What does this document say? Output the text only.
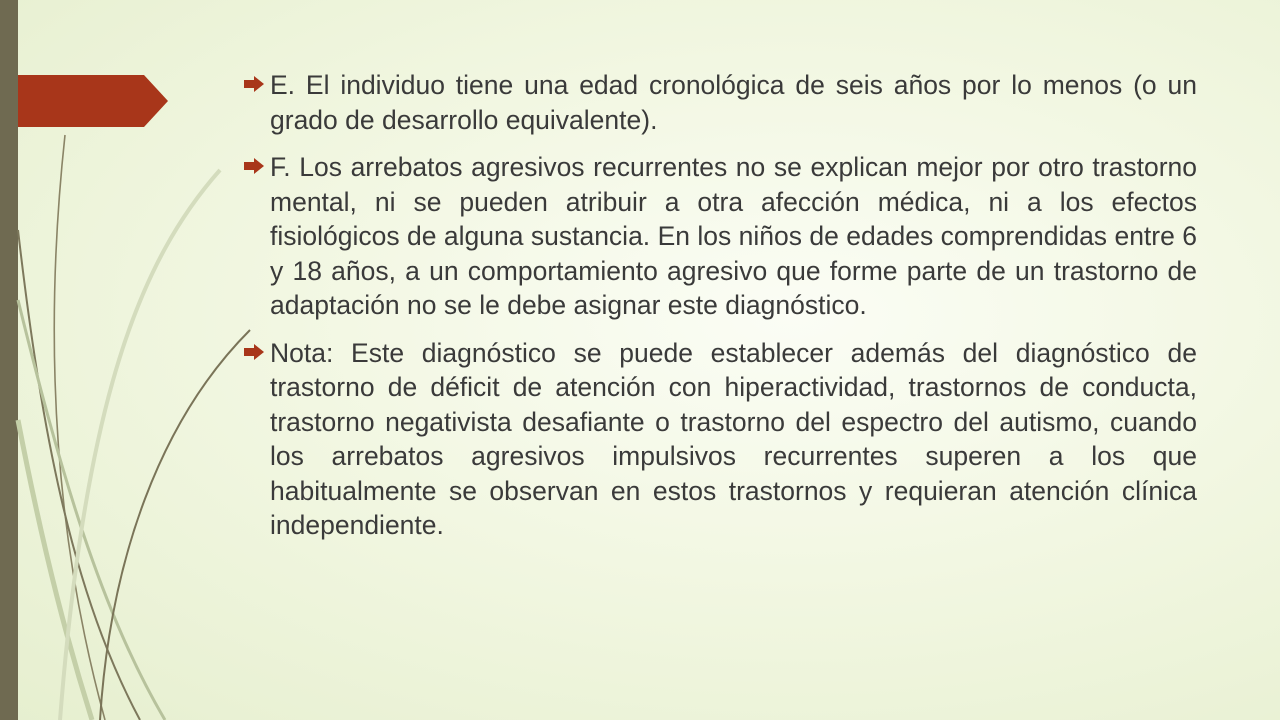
E. El individuo tiene una edad cronológica de seis años por lo menos (o un grado de desarrollo equivalente).
F. Los arrebatos agresivos recurrentes no se explican mejor por otro trastorno mental, ni se pueden atribuir a otra afección médica, ni a los efectos fisiológicos de alguna sustancia. En los niños de edades comprendidas entre 6 y 18 años, a un comportamiento agresivo que forme parte de un trastorno de adaptación no se le debe asignar este diagnóstico.
Nota: Este diagnóstico se puede establecer además del diagnóstico de trastorno de déficit de atención con hiperactividad, trastornos de conducta, trastorno negativista desafiante o trastorno del espectro del autismo, cuando los arrebatos agresivos impulsivos recurrentes superen a los que habitualmente se observan en estos trastornos y requieran atención clínica independiente.
